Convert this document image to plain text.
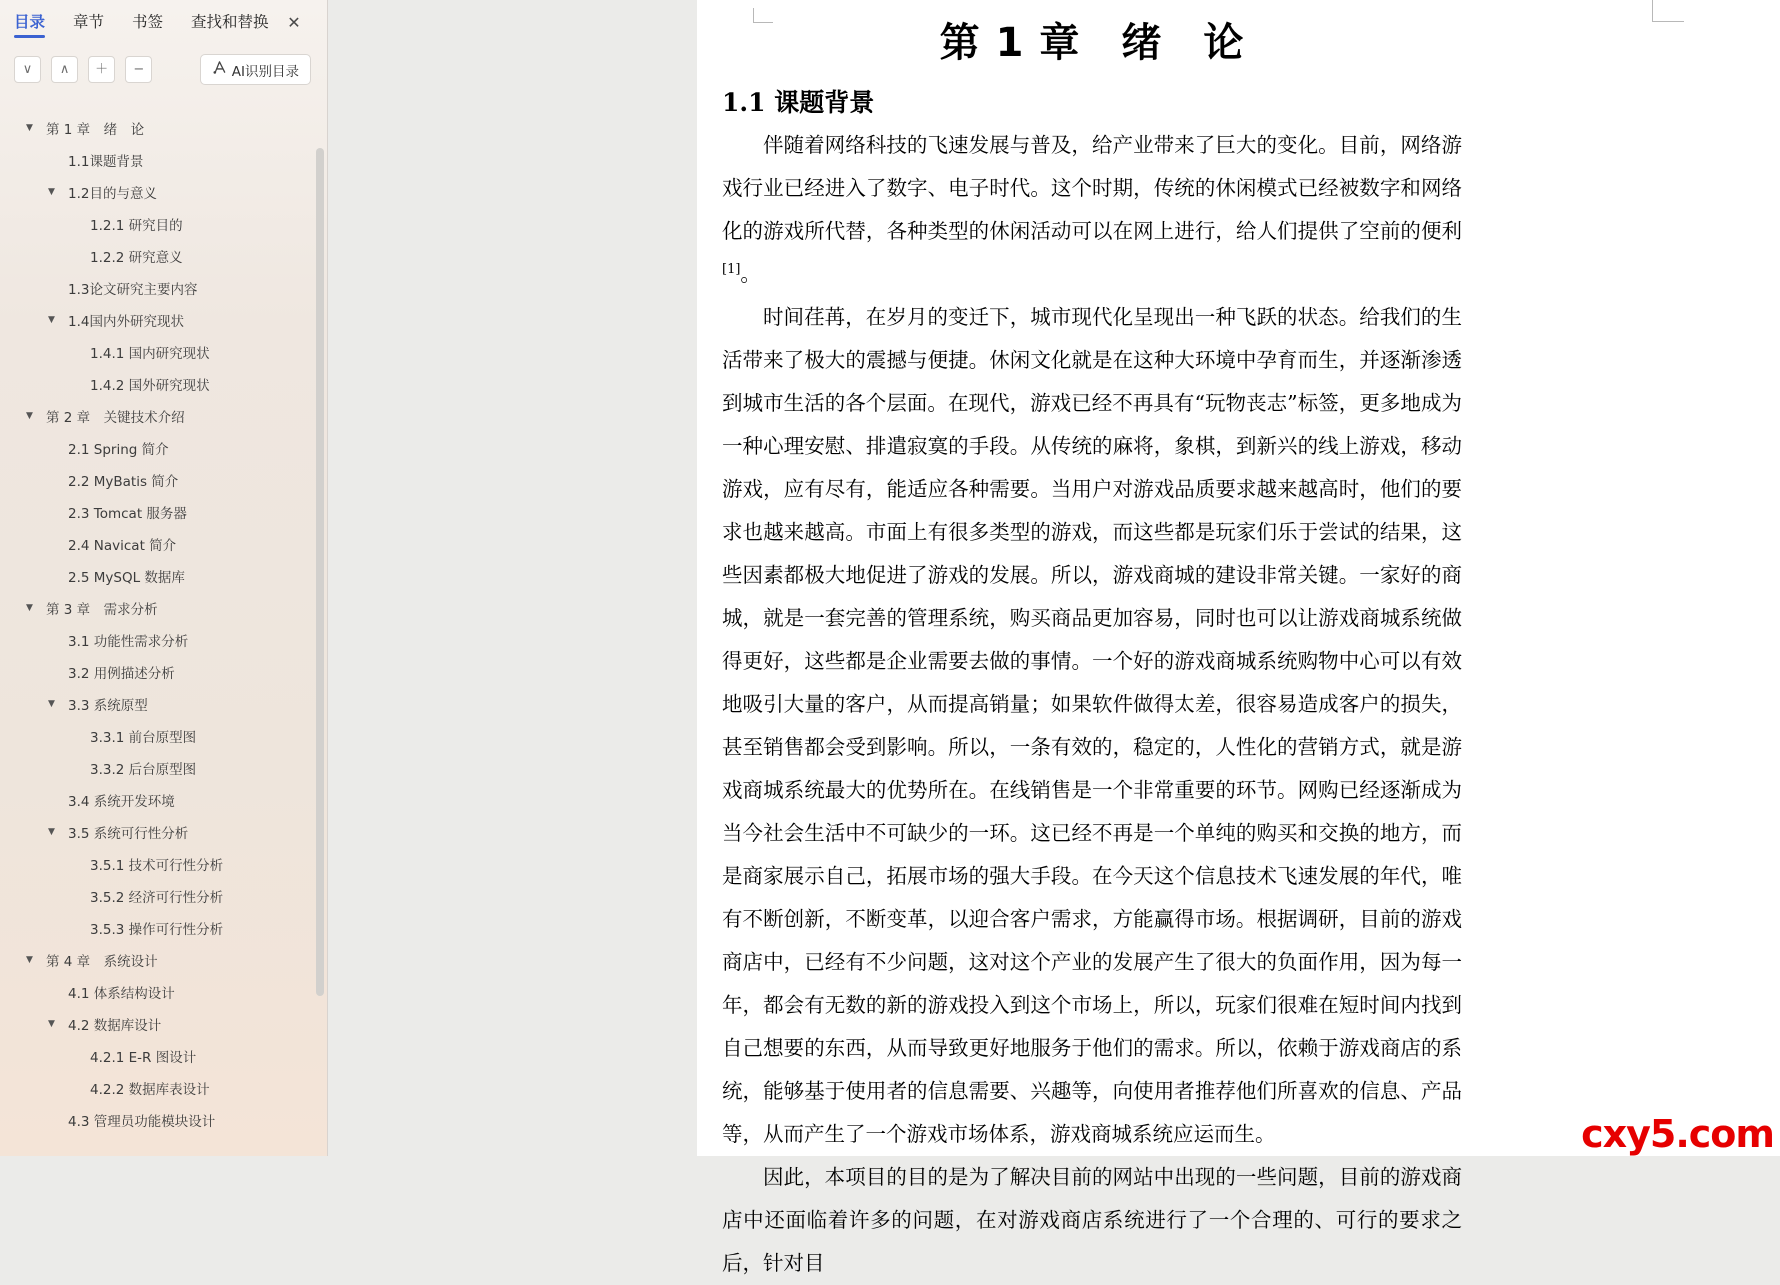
目录 章节 书签 查找和替换 ✕
∨ ∧ ＋ −	AI识别目录
▼ 第 1 章　绪　论
1.1课题背景
▼ 1.2目的与意义
1.2.1 研究目的
1.2.2 研究意义
1.3论文研究主要内容
▼ 1.4国内外研究现状
1.4.1 国内研究现状
1.4.2 国外研究现状
▼ 第 2 章　关键技术介绍
2.1 Spring 简介
2.2 MyBatis 简介
2.3 Tomcat 服务器
2.4 Navicat 简介
2.5 MySQL 数据库
▼ 第 3 章　需求分析
3.1 功能性需求分析
3.2 用例描述分析
▼ 3.3 系统原型
3.3.1 前台原型图
3.3.2 后台原型图
3.4 系统开发环境
▼ 3.5 系统可行性分析
3.5.1 技术可行性分析
3.5.2 经济可行性分析
3.5.3 操作可行性分析
▼ 第 4 章　系统设计
4.1 体系结构设计
▼ 4.2 数据库设计
4.2.1 E-R 图设计
4.2.2 数据库表设计
4.3 管理员功能模块设计
第 1 章　绪　论
1.1 课题背景

伴随着网络科技的飞速发展与普及，给产业带来了巨大的变化。目前，网络游戏行业已经进入了数字、电子时代。这个时期，传统的休闲模式已经被数字和网络化的游戏所代替，各种类型的休闲活动可以在网上进行，给人们提供了空前的便利[1]。

时间荏苒，在岁月的变迁下，城市现代化呈现出一种飞跃的状态。给我们的生活带来了极大的震撼与便捷。休闲文化就是在这种大环境中孕育而生，并逐渐渗透到城市生活的各个层面。在现代，游戏已经不再具有“玩物丧志”标签，更多地成为一种心理安慰、排遣寂寞的手段。从传统的麻将，象棋，到新兴的线上游戏，移动游戏，应有尽有，能适应各种需要。当用户对游戏品质要求越来越高时，他们的要求也越来越高。市面上有很多类型的游戏，而这些都是玩家们乐于尝试的结果，这些因素都极大地促进了游戏的发展。所以，游戏商城的建设非常关键。一家好的商城，就是一套完善的管理系统，购买商品更加容易，同时也可以让游戏商城系统做得更好，这些都是企业需要去做的事情。一个好的游戏商城系统购物中心可以有效地吸引大量的客户，从而提高销量；如果软件做得太差，很容易造成客户的损失，甚至销售都会受到影响。所以，一条有效的，稳定的，人性化的营销方式，就是游戏商城系统最大的优势所在。在线销售是一个非常重要的环节。网购已经逐渐成为当今社会生活中不可缺少的一环。这已经不再是一个单纯的购买和交换的地方，而是商家展示自己，拓展市场的强大手段。在今天这个信息技术飞速发展的年代，唯有不断创新，不断变革，以迎合客户需求，方能赢得市场。根据调研，目前的游戏商店中，已经有不少问题，这对这个产业的发展产生了很大的负面作用，因为每一年，都会有无数的新的游戏投入到这个市场上，所以，玩家们很难在短时间内找到自己想要的东西，从而导致更好地服务于他们的需求。所以，依赖于游戏商店的系统，能够基于使用者的信息需要、兴趣等，向使用者推荐他们所喜欢的信息、产品等，从而产生了一个游戏市场体系，游戏商城系统应运而生。

因此，本项目的目的是为了解决目前的网站中出现的一些问题，目前的游戏商店中还面临着许多的问题，在对游戏商店系统进行了一个合理的、可行的要求之后，针对目

cxy5.com
